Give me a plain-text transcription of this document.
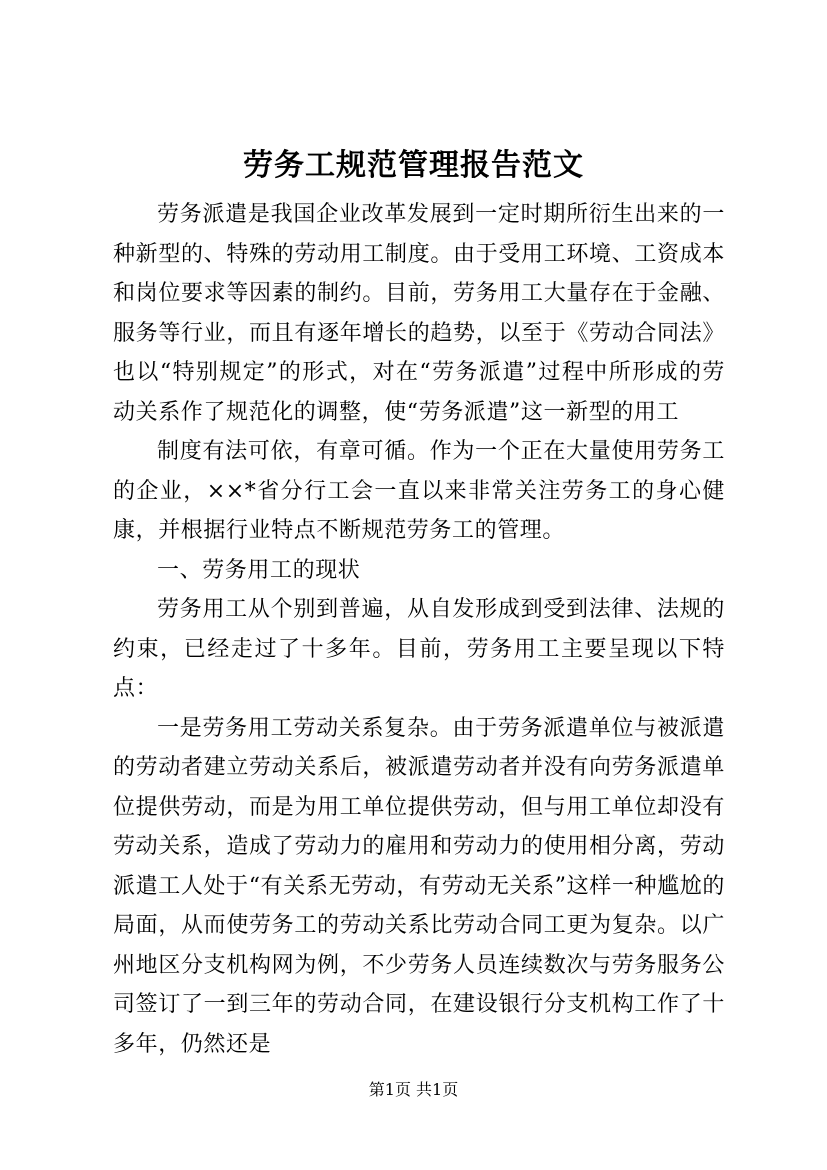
劳务工规范管理报告范文

劳务派遣是我国企业改革发展到一定时期所衍生出来的一种新型的、特殊的劳动用工制度。由于受用工环境、工资成本和岗位要求等因素的制约。目前，劳务用工大量存在于金融、服务等行业，而且有逐年增长的趋势，以至于《劳动合同法》也以“特别规定”的形式，对在“劳务派遣”过程中所形成的劳动关系作了规范化的调整，使“劳务派遣”这一新型的用工

制度有法可依，有章可循。作为一个正在大量使用劳务工的企业，××*省分行工会一直以来非常关注劳务工的身心健康，并根据行业特点不断规范劳务工的管理。

一、劳务用工的现状

劳务用工从个别到普遍，从自发形成到受到法律、法规的约束，已经走过了十多年。目前，劳务用工主要呈现以下特点：

一是劳务用工劳动关系复杂。由于劳务派遣单位与被派遣的劳动者建立劳动关系后，被派遣劳动者并没有向劳务派遣单位提供劳动，而是为用工单位提供劳动，但与用工单位却没有劳动关系，造成了劳动力的雇用和劳动力的使用相分离，劳动派遣工人处于“有关系无劳动，有劳动无关系”这样一种尴尬的局面，从而使劳务工的劳动关系比劳动合同工更为复杂。以广州地区分支机构网为例，不少劳务人员连续数次与劳务服务公司签订了一到三年的劳动合同，在建设银行分支机构工作了十多年，仍然还是

第1页 共1页
